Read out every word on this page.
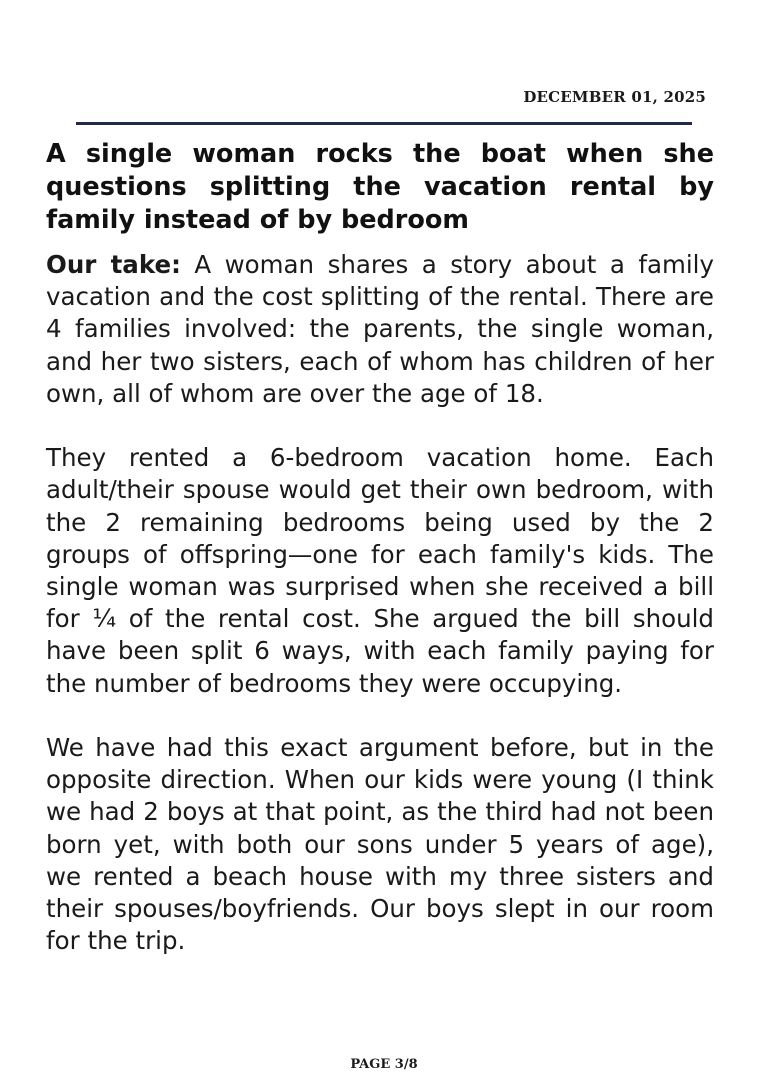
DECEMBER 01, 2025
A single woman rocks the boat when she questions splitting the vacation rental by family instead of by bedroom

Our take: A woman shares a story about a family vacation and the cost splitting of the rental. There are 4 families involved: the parents, the single woman, and her two sisters, each of whom has children of her own, all of whom are over the age of 18.

They rented a 6-bedroom vacation home. Each adult/their spouse would get their own bedroom, with the 2 remaining bedrooms being used by the 2 groups of offspring—one for each family's kids. The single woman was surprised when she received a bill for ¼ of the rental cost. She argued the bill should have been split 6 ways, with each family paying for the number of bedrooms they were occupying.

We have had this exact argument before, but in the opposite direction. When our kids were young (I think we had 2 boys at that point, as the third had not been born yet, with both our sons under 5 years of age), we rented a beach house with my three sisters and their spouses/boyfriends. Our boys slept in our room for the trip.

PAGE 3/8
